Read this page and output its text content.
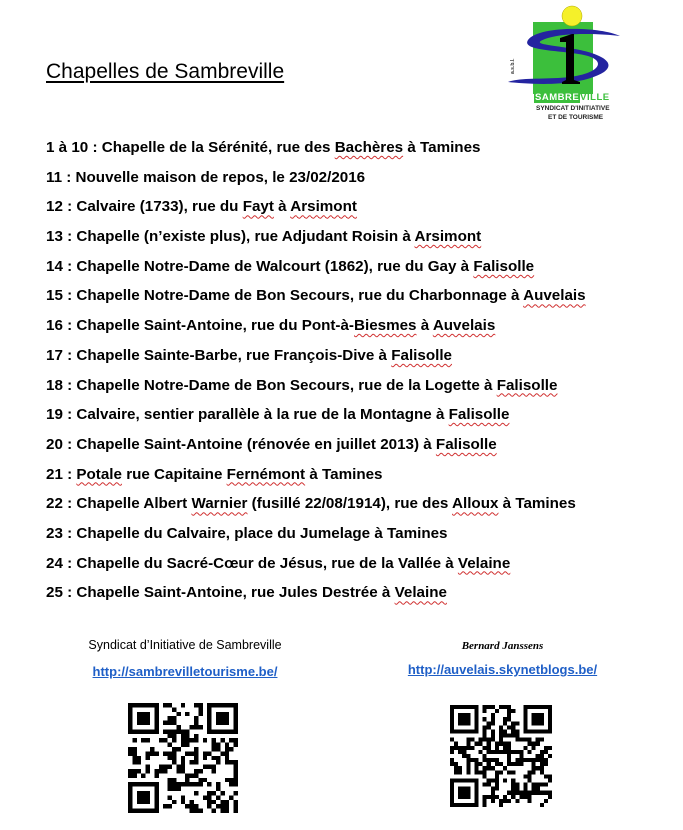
a.s.b.l.
SAMBREVILLE
SYNDICAT D'INITIATIVE
ET DE TOURISME
Chapelles de Sambreville
1 à 10 : Chapelle de la Sérénité, rue des Bachères à Tamines
11 : Nouvelle maison de repos, le 23/02/2016
12 : Calvaire (1733), rue du Fayt à Arsimont
13 : Chapelle (n’existe plus), rue Adjudant Roisin à Arsimont
14 : Chapelle Notre-Dame de Walcourt (1862), rue du Gay à Falisolle
15 : Chapelle Notre-Dame de Bon Secours, rue du Charbonnage à Auvelais
16 : Chapelle Saint-Antoine, rue du Pont-à-Biesmes à Auvelais
17 : Chapelle Sainte-Barbe, rue François-Dive à Falisolle
18 : Chapelle Notre-Dame de Bon Secours, rue de la Logette à Falisolle
19 : Calvaire, sentier parallèle à la rue de la Montagne à Falisolle
20 : Chapelle Saint-Antoine (rénovée en juillet 2013) à Falisolle
21 : Potale rue Capitaine Fernémont à Tamines
22 : Chapelle Albert Warnier (fusillé 22/08/1914), rue des Alloux à Tamines
23 : Chapelle du Calvaire, place du Jumelage à Tamines
24 : Chapelle du Sacré-Cœur de Jésus, rue de la Vallée à Velaine
25 : Chapelle Saint-Antoine, rue Jules Destrée à Velaine
Syndicat d’Initiative de Sambreville
http://sambrevilletourisme.be/
Bernard Janssens
http://auvelais.skynetblogs.be/
